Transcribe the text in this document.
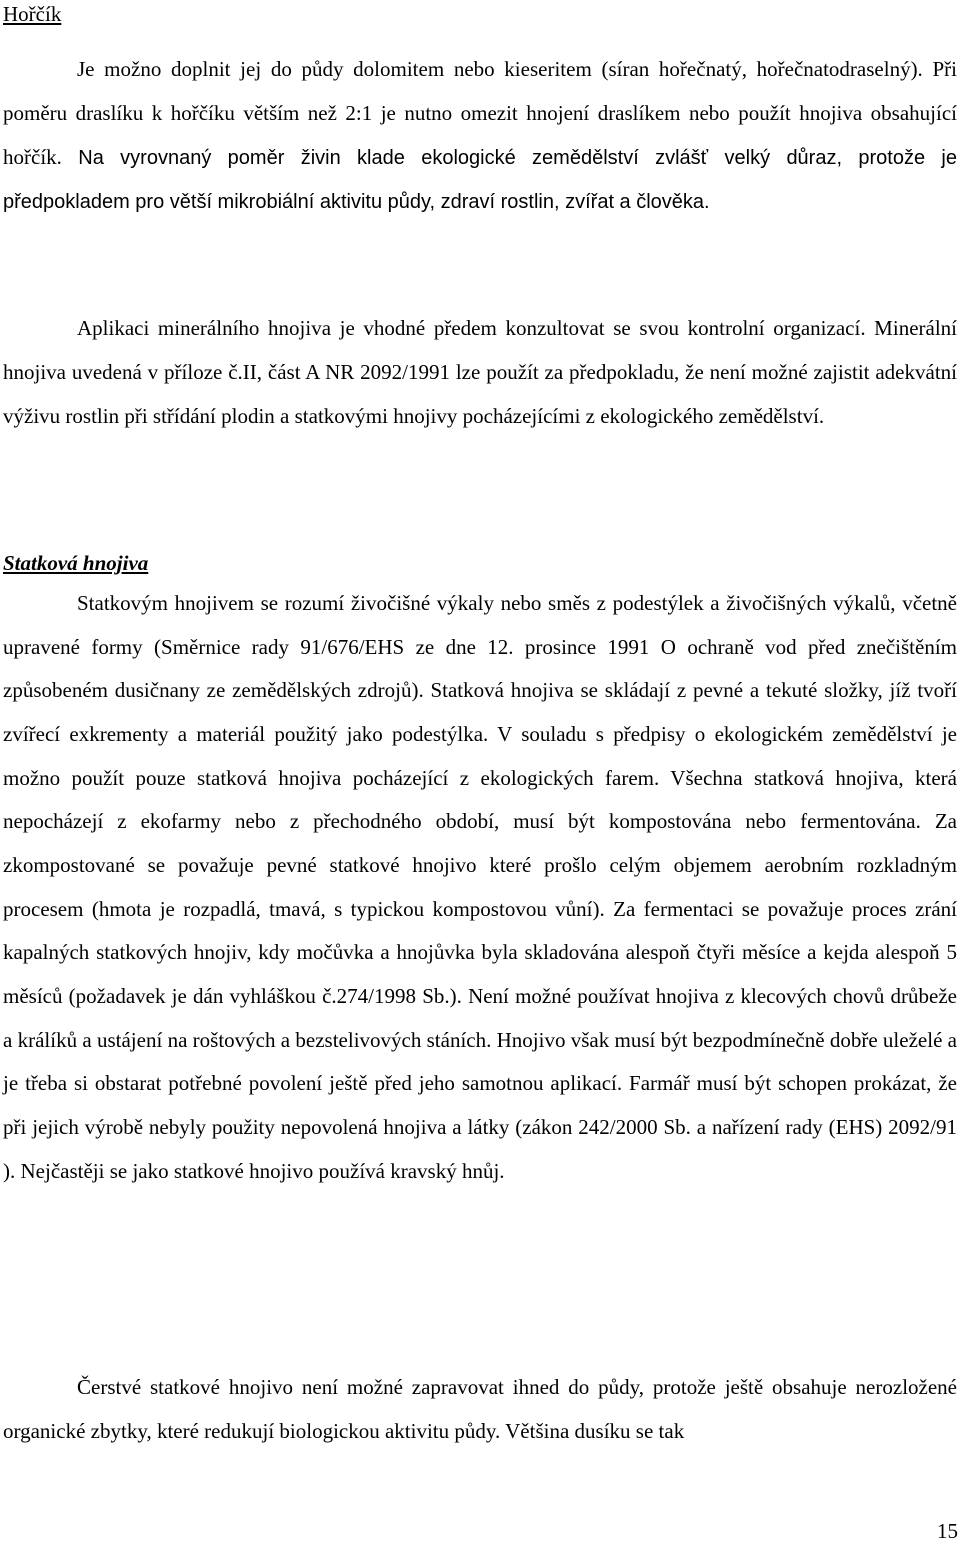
Hořčík

Je možno doplnit jej do půdy dolomitem nebo kieseritem (síran hořečnatý, hořečnatodraselný). Při poměru draslíku k hořčíku větším než 2:1 je nutno omezit hnojení draslíkem nebo použít hnojiva obsahující hořčík. Na vyrovnaný poměr živin klade ekologické zemědělství zvlášť velký důraz, protože je předpokladem pro větší mikrobiální aktivitu půdy, zdraví rostlin, zvířat a člověka.

Aplikaci minerálního hnojiva je vhodné předem konzultovat se svou kontrolní organizací. Minerální hnojiva uvedená v příloze č.II, část A NR 2092/1991 lze použít za předpokladu, že není možné zajistit adekvátní výživu rostlin při střídání plodin a statkovými hnojivy pocházejícími z ekologického zemědělství.

Statková hnojiva

Statkovým hnojivem se rozumí živočišné výkaly nebo směs z podestýlek a živočišných výkalů, včetně upravené formy (Směrnice rady 91/676/EHS ze dne 12. prosince 1991 O ochraně vod před znečištěním způsobeném dusičnany ze zemědělských zdrojů). Statková hnojiva se skládají z pevné a tekuté složky, jíž tvoří zvířecí exkrementy a materiál použitý jako podestýlka. V souladu s předpisy o ekologickém zemědělství je možno použít pouze statková hnojiva pocházející z ekologických farem. Všechna statková hnojiva, která nepocházejí z ekofarmy nebo z přechodného období, musí být kompostována nebo fermentována. Za zkompostované se považuje pevné statkové hnojivo které prošlo celým objemem aerobním rozkladným procesem (hmota je rozpadlá, tmavá, s typickou kompostovou vůní). Za fermentaci se považuje proces zrání kapalných statkových hnojiv, kdy močůvka a hnojůvka byla skladována alespoň čtyři měsíce a kejda alespoň 5 měsíců (požadavek je dán vyhláškou č.274/1998 Sb.). Není možné používat hnojiva z klecových chovů drůbeže a králíků a ustájení na roštových a bezstelivových stáních. Hnojivo však musí být bezpodmínečně dobře uleželé a je třeba si obstarat potřebné povolení ještě před jeho samotnou aplikací. Farmář musí být schopen prokázat, že při jejich výrobě nebyly použity nepovolená hnojiva a látky (zákon 242/2000 Sb. a nařízení rady (EHS) 2092/91 ). Nejčastěji se jako statkové hnojivo používá kravský hnůj.

Čerstvé statkové hnojivo není možné zapravovat ihned do půdy, protože ještě obsahuje nerozložené organické zbytky, které redukují biologickou aktivitu půdy. Většina dusíku se tak

15
